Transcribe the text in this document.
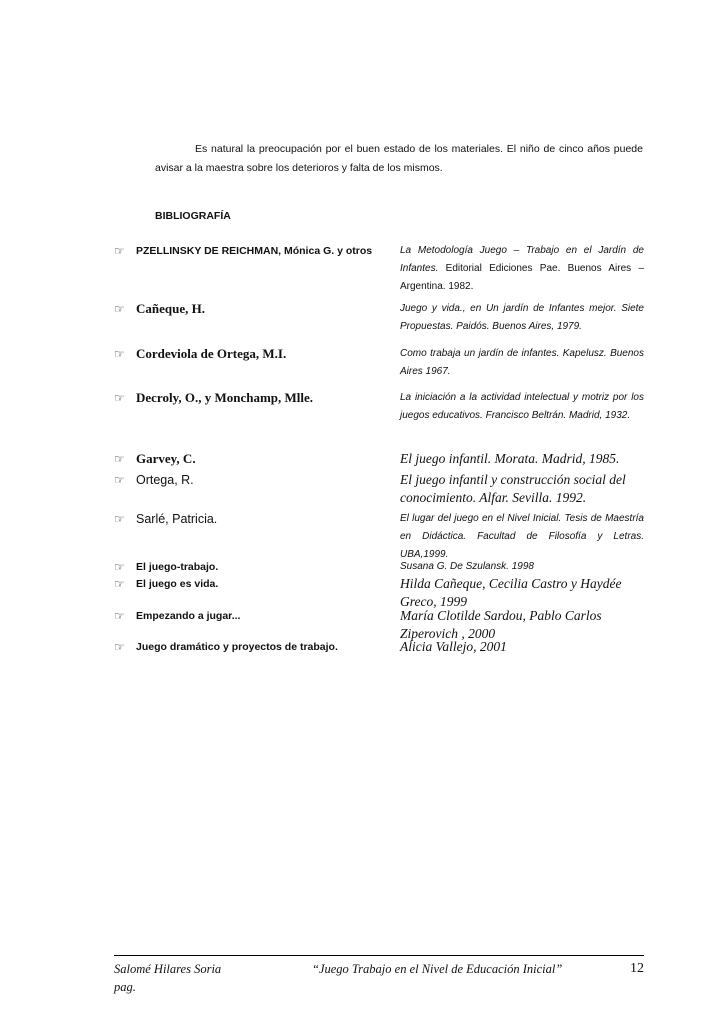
Es natural la preocupación por el buen estado de los materiales. El niño de cinco años puede avisar a la maestra sobre los deterioros y falta de los mismos.
BIBLIOGRAFÍA
☞ PZELLINSKY DE REICHMAN, Mónica G. y otros	La Metodología Juego – Trabajo en el Jardín de Infantes. Editorial Ediciones Pae. Buenos Aires – Argentina. 1982.
☞ Cañeque, H.	Juego y vida., en Un jardín de Infantes mejor. Siete Propuestas. Paidós. Buenos Aires, 1979.
☞ Cordeviola de Ortega, M.I.	Como trabaja un jardín de infantes. Kapelusz. Buenos Aires 1967.
☞ Decroly, O., y Monchamp, Mlle.	La iniciación a la actividad intelectual y motriz por los juegos educativos. Francisco Beltrán. Madrid, 1932.
☞ Garvey, C.	El juego infantil. Morata. Madrid, 1985.
☞ Ortega, R.	El juego infantil y construcción social del conocimiento. Alfar. Sevilla. 1992.
☞ Sarlé, Patricia.	El lugar del juego en el Nivel Inicial. Tesis de Maestría en Didáctica. Facultad de Filosofía y Letras. UBA,1999.
☞ El juego-trabajo.	Susana G. De Szulansk. 1998
☞ El juego es vida.	Hilda Cañeque, Cecilia Castro y Haydée Greco, 1999
☞ Empezando a jugar...	María Clotilde Sardou, Pablo Carlos Ziperovich , 2000
☞ Juego dramático y proyectos de trabajo.	Alicia Vallejo, 2001
Salomé Hilares Soria	“Juego Trabajo en el Nivel de Educación Inicial”	12
pag.
